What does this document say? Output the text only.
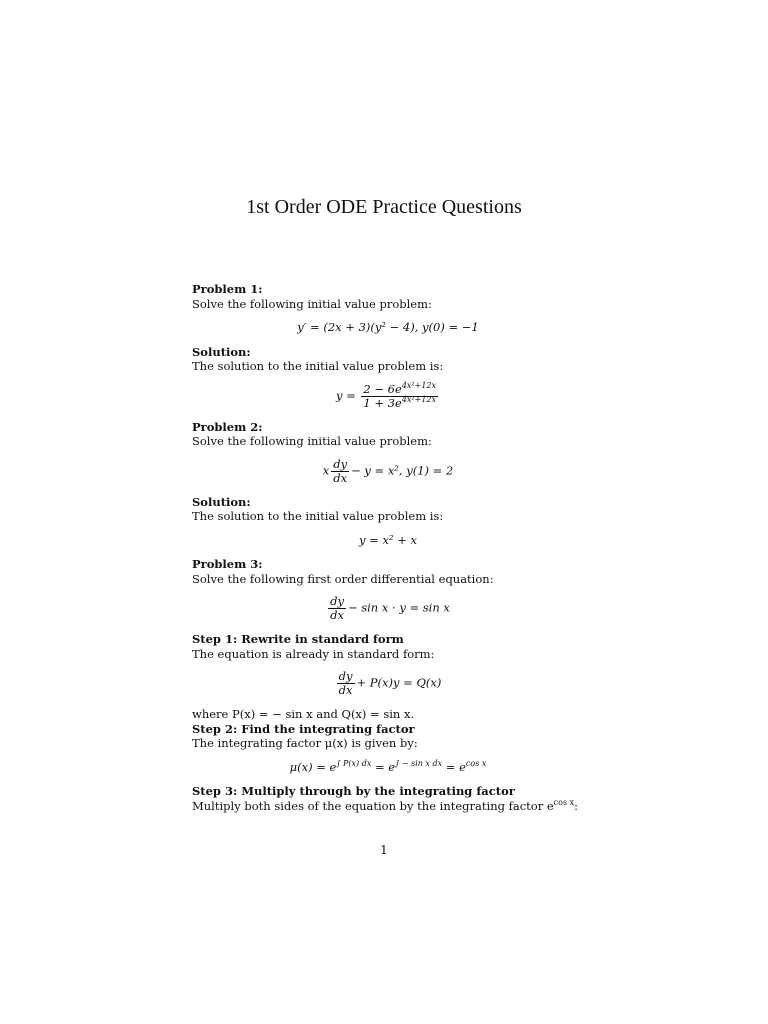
1st Order ODE Practice Questions
Problem 1:
Solve the following initial value problem:
y′ = (2x + 3)(y² − 4), y(0) = −1
Solution:
The solution to the initial value problem is:
$y = \frac{2 - 6e^{4x^2+12x}}{1 + 3e^{4x^2+12x}}$
Problem 2:
Solve the following initial value problem:
x $\frac{dy}{dx} - y = x^2$, y(1) = 2
Solution:
The solution to the initial value problem is:
y = x² + x
Problem 3:
Solve the following first order differential equation:
$\frac{dy}{dx} - \sin x \cdot y = \sin x$
Step 1: Rewrite in standard form
The equation is already in standard form:
$\frac{dy}{dx} + P(x)y = Q(x)$
where P(x) = − sin x and Q(x) = sin x.
Step 2: Find the integrating factor
The integrating factor μ(x) is given by:
$\mu(x) = e^{\int P(x) dx} = e^{\int - sin x dx} = e^{cos x}$
Step 3: Multiply through by the integrating factor
Multiply both sides of the equation by the integrating factor $e^{cos x}$:
1
